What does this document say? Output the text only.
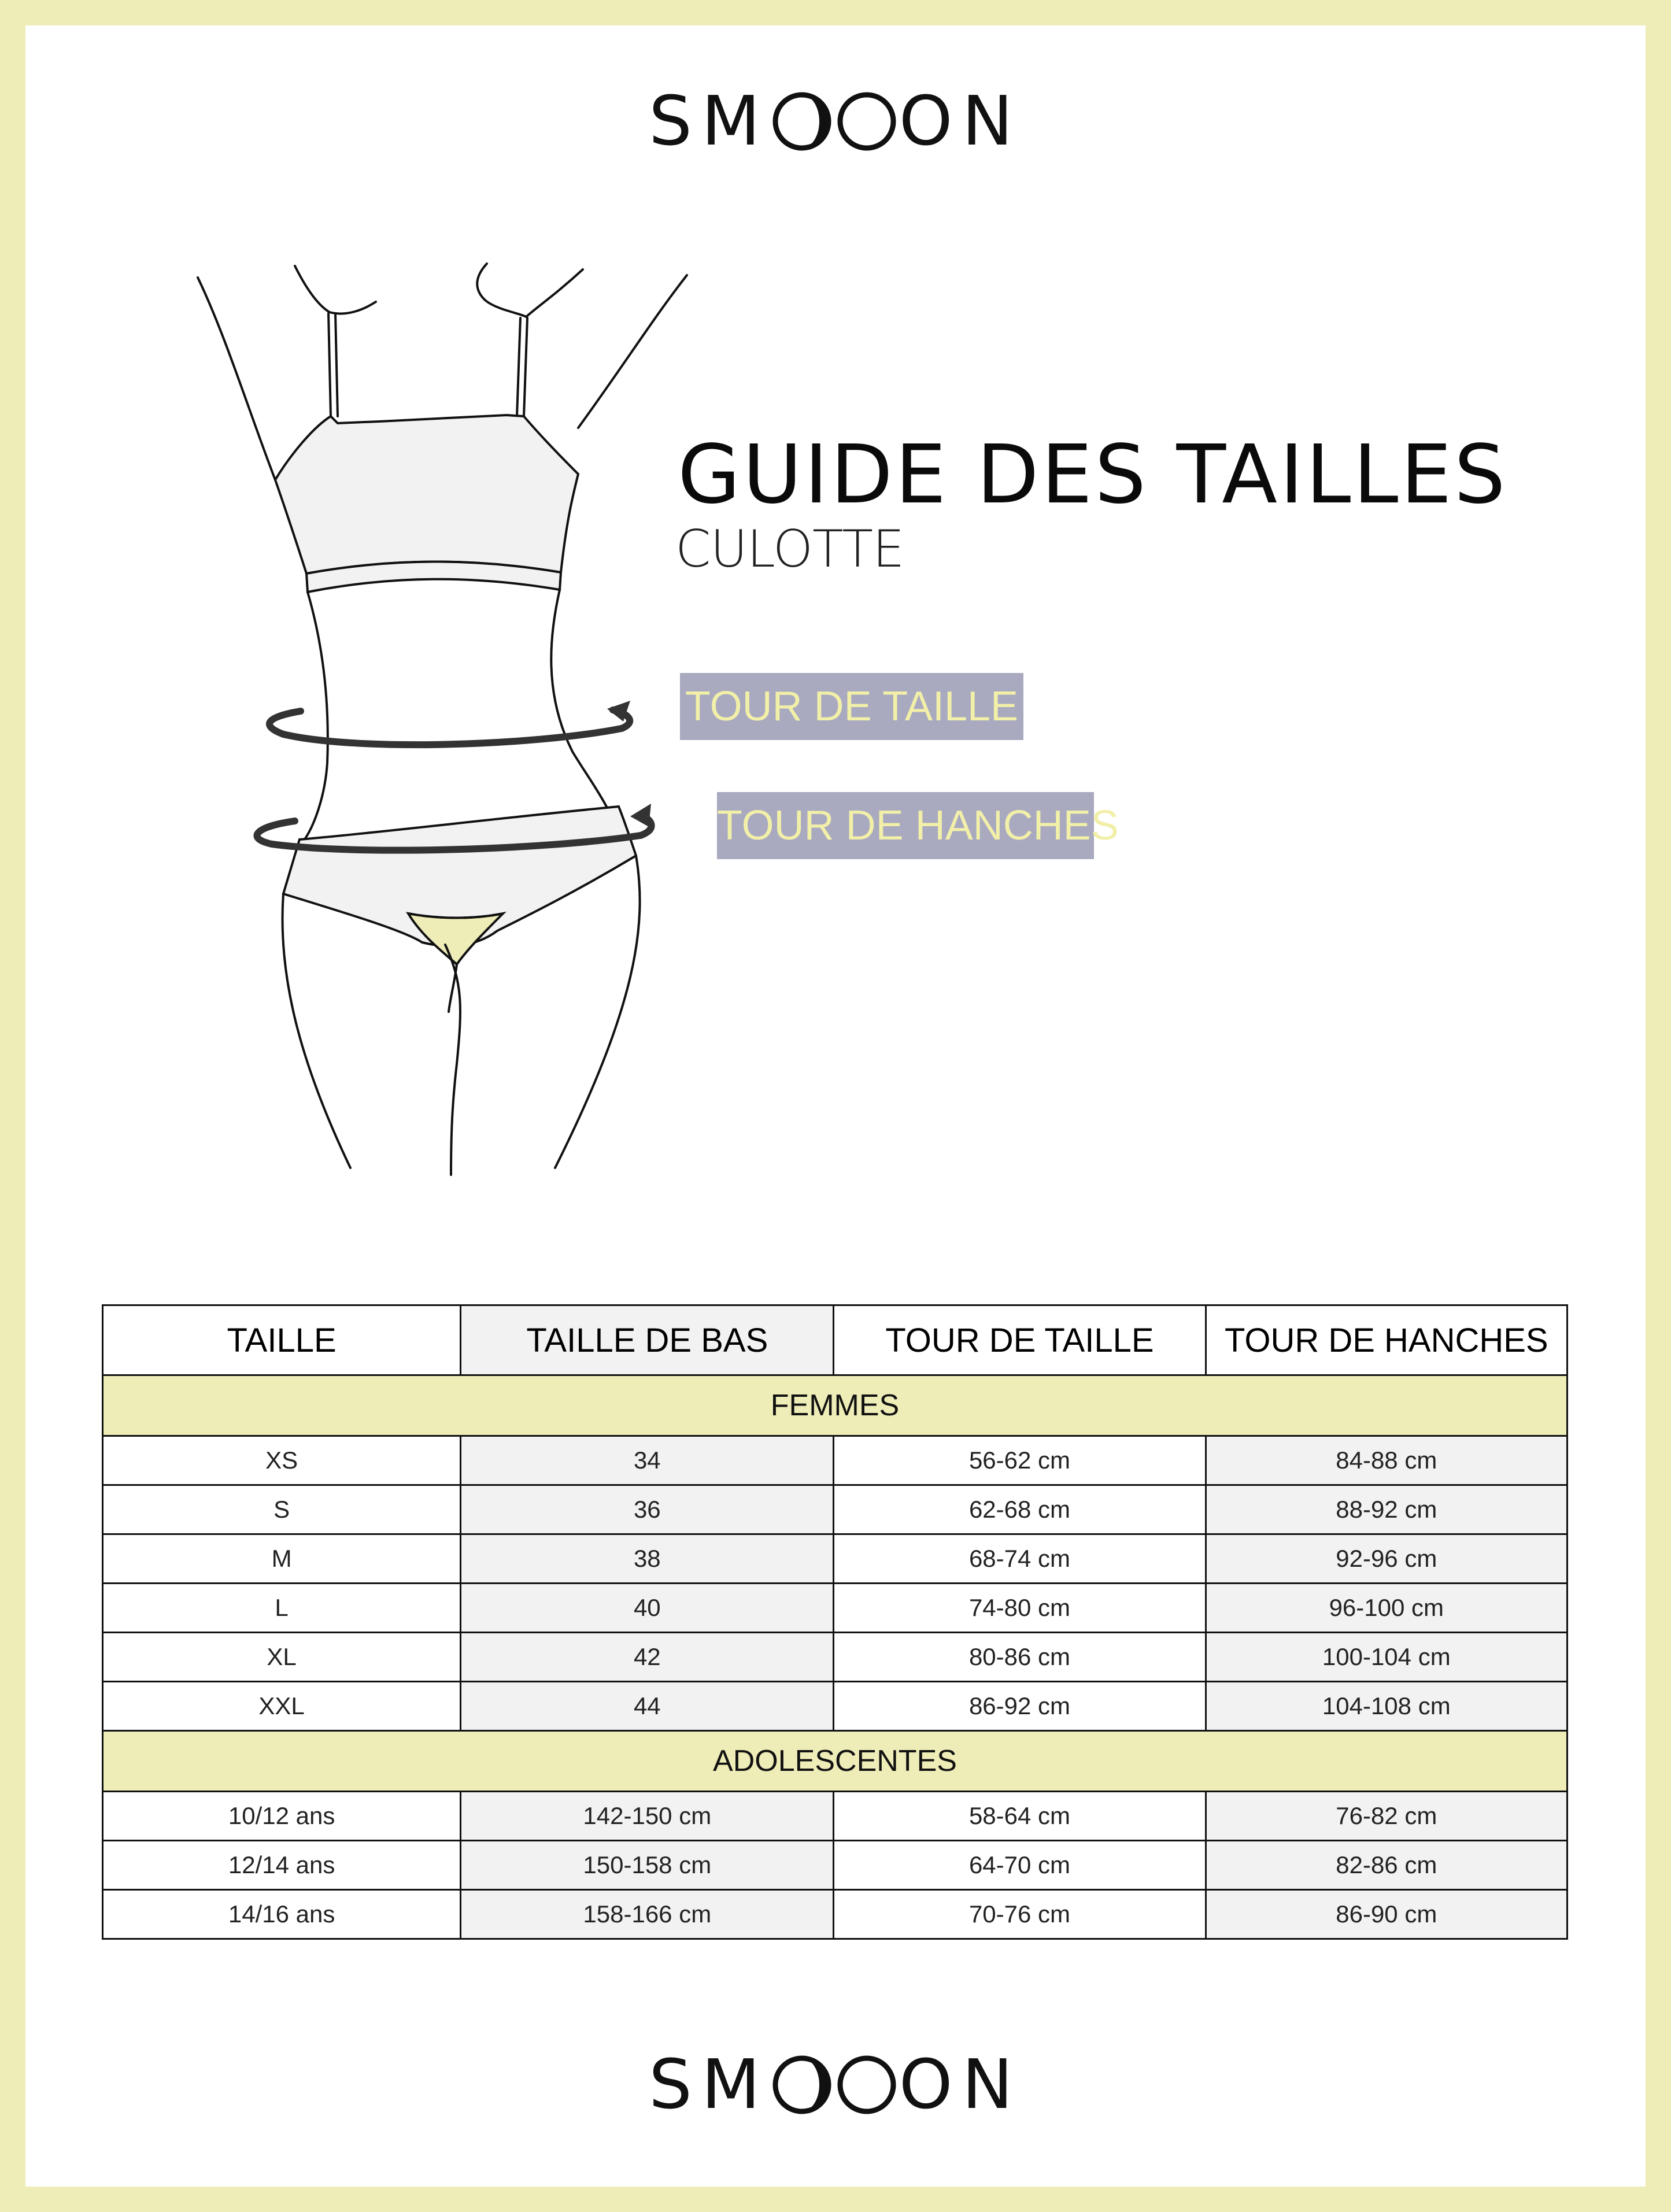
SM ON
GUIDE DES TAILLES
CULOTTE
TOUR DE TAILLE
TOUR DE HANCHES
TAILLE	TAILLE DE BAS	TOUR DE TAILLE	TOUR DE HANCHES
FEMMES			
XS	34	56-62 cm	84-88 cm
S	36	62-68 cm	88-92 cm
M	38	68-74 cm	92-96 cm
L	40	74-80 cm	96-100 cm
XL	42	80-86 cm	100-104 cm
XXL	44	86-92 cm	104-108 cm
ADOLESCENTES			
10/12 ans	142-150 cm	58-64 cm	76-82 cm
12/14 ans	150-158 cm	64-70 cm	82-86 cm
14/16 ans	158-166 cm	70-76 cm	86-90 cm
SM ON
